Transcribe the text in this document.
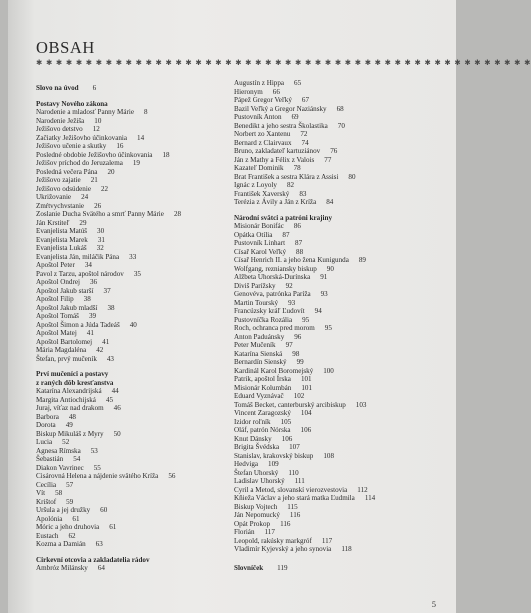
OBSAH
✱ ✱ ✱ ✱ ✱ ✱ ✱ ✱ ✱ ✱ ✱ ✱ ✱ ✱ ✱ ✱ ✱ ✱ ✱ ✱ ✱ ✱ ✱ ✱ ✱ ✱ ✱ ✱ ✱ ✱ ✱ ✱ ✱ ✱ ✱ ✱ ✱ ✱ ✱ ✱ ✱ ✱ ✱ ✱ ✱ ✱ ✱ ✱ ✱ ✱
Slovo na úvod 6
Postavy Nového zákona
Narodenie a mladosť Panny Márie 8
Narodenie Ježiša 10
Ježišovo detstvo 12
Začiatky Ježišovho účinkovania 14
Ježišovo učenie a skutky 16
Posledné obdobie Ježišovho účinkovania 18
Ježišov príchod do Jeruzalema 19
Posledná večera Pána 20
Ježišovo zajatie 21
Ježišovo odsúdenie 22
Ukrižovanie 24
Zmŕtvychvstanie 26
Zoslanie Ducha Svätého a smrť Panny Márie 28
Ján Krstiteľ 29
Evanjelista Matúš 30
Evanjelista Marek 31
Evanjelista Lukáš 32
Evanjelista Ján, miláčik Pána 33
Apoštol Peter 34
Pavol z Tarzu, apoštol národov 35
Apoštol Ondrej 36
Apoštol Jakub starší 37
Apoštol Filip 38
Apoštol Jakub mladší 38
Apoštol Tomáš 39
Apoštol Šimon a Júda Tadeáš 40
Apoštol Matej 41
Apoštol Bartolomej 41
Mária Magdaléna 42
Štefan, prvý mučeník 43
Prví mučeníci a postavy
z raných dôb kresťanstva
Katarína Alexandrijská 44
Margita Antiochijská 45
Juraj, víťaz nad drakom 46
Barbora 48
Dorota 49
Biskup Mikuláš z Myry 50
Lucia 52
Agnesa Rímska 53
Šebastián 54
Diakon Vavrinec 55
Cisárovná Helena a nájdenie svätého Kríža 56
Cecília 57
Vít 58
Krištof 59
Uršula a jej družky 60
Apolónia 61
Móric a jeho druhovia 61
Eustach 62
Kozma a Damián 63
Cirkevní otcovia a zakladatelia rádov
Ambróz Milánsky 64
Augustín z Hippa 65
Hieronym 66
Pápež Gregor Veľký 67
Bazil Veľký a Gregor Naziánsky 68
Pustovník Anton 69
Benedikt a jeho sestra Školastika 70
Norbert zo Xantenu 72
Bernard z Clairvaux 74
Bruno, zakladateľ kartuziánov 76
Ján z Mathy a Félix z Valois 77
Kazateľ Dominik 78
Brat František a sestra Klára z Assisi 80
Ignác z Loyoly 82
František Xaverský 83
Terézia z Ávily a Ján z Kríža 84
Národní svätci a patróni krajiny
Misionár Bonifác 86
Opátka Otília 87
Pustovník Linhart 87
Císař Karol Veľký 88
Císař Henrich II. a jeho žena Kunigunda 89
Wolfgang, rezniansky biskup 90
Alžbeta Uhorská-Durínska 91
Diviš Parížsky 92
Genovéva, patrónka Paríža 93
Martin Tourský 93
Francúzsky kráľ Ľudovít 94
Pustovníčka Rozália 95
Roch, ochranca pred morom 95
Anton Paduánsky 96
Peter Mučeník 97
Katarína Sienská 98
Bernardín Sienský 99
Kardinál Karol Boromejský 100
Patrik, apoštol Írska 101
Misionár Kolumbán 101
Eduard Vyznávač 102
Tomáš Becket, canterburský arcibiskup 103
Vincent Zaragozský 104
Izidor roľník 105
Oláf, patrón Nórska 106
Knut Dánsky 106
Brigita Švédska 107
Stanislav, krakovský biskup 108
Hedviga 109
Štefan Uhorský 110
Ladislav Uhorský 111
Cyril a Metod, slovanskí vierozvestovia 112
Kňieža Václav a jeho stará matka Ľudmila 114
Biskup Vojtech 115
Ján Nepomucký 116
Opát Prokop 116
Florián 117
Leopold, rakúsky markgróf 117
Vladimír Kyjevský a jeho synovia 118
Slovníček 119
5
